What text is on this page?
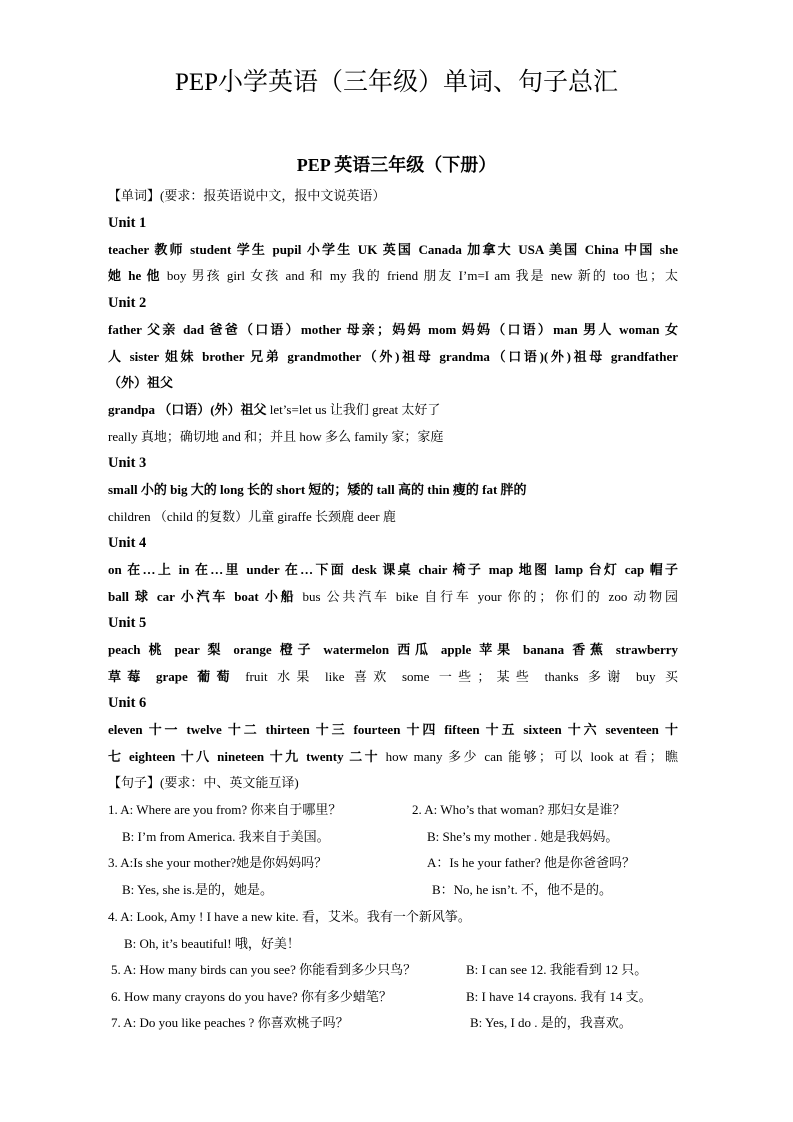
PEP小学英语（三年级）单词、句子总汇
PEP 英语三年级（下册）
【单词】(要求：报英语说中文，报中文说英语）
Unit 1
teacher 教师 student 学生 pupil 小学生 UK 英国 Canada 加拿大 USA 美国 China 中国 she
她 he 他 boy 男孩 girl 女孩 and 和 my 我的 friend 朋友 I’m=I am 我是 new 新的 too 也；太
Unit 2
father 父亲 dad 爸爸（口语）mother 母亲；妈妈 mom 妈妈（口语）man 男人 woman 女
人 sister 姐妹 brother 兄弟 grandmother（外)祖母 grandma（口语)(外)祖母 grandfather
（外）祖父
grandpa （口语）(外）祖父 let’s=let us 让我们 great 太好了
really 真地；确切地 and 和；并且 how 多么 family 家；家庭
Unit 3
small 小的 big 大的 long 长的 short 短的；矮的 tall 高的 thin 瘦的 fat 胖的
children （child 的复数）儿童 giraffe 长颈鹿 deer 鹿
Unit 4
on 在…上 in 在…里 under 在…下面 desk 课桌 chair 椅子 map 地图 lamp 台灯 cap 帽子
ball 球 car 小汽车 boat 小船 bus 公共汽车 bike 自行车 your 你的；你们的 zoo 动物园
Unit 5
peach 桃 pear 梨 orange 橙子 watermelon 西瓜 apple 苹果 banana 香蕉 strawberry
草莓 grape 葡萄 fruit 水果 like 喜欢 some 一些；某些 thanks 多谢 buy 买
Unit 6
eleven 十一 twelve 十二 thirteen 十三 fourteen 十四 fifteen 十五 sixteen 十六 seventeen 十
七 eighteen 十八 nineteen 十九 twenty 二十 how many 多少 can 能够；可以 look at 看；瞧
【句子】(要求：中、英文能互译)
1. A: Where are you from? 你来自于哪里？	2. A: Who’s that woman? 那妇女是谁？
B: I’m from America. 我来自于美国。	B: She’s my mother . 她是我妈妈。
3. A:Is she your mother?她是你妈妈吗？	A：Is he your father? 他是你爸爸吗？
B: Yes, she is.是的，她是。	B：No, he isn’t. 不，他不是的。
4. A: Look, Amy ! I have a new kite. 看，艾米。我有一个新风筝。
B: Oh, it’s beautiful! 哦，好美！
5. A: How many birds can you see? 你能看到多少只鸟？	B: I can see 12. 我能看到 12 只。
6. How many crayons do you have? 你有多少蜡笔？	B: I have 14 crayons. 我有 14 支。
7. A: Do you like peaches ? 你喜欢桃子吗？	B: Yes, I do . 是的，我喜欢。
